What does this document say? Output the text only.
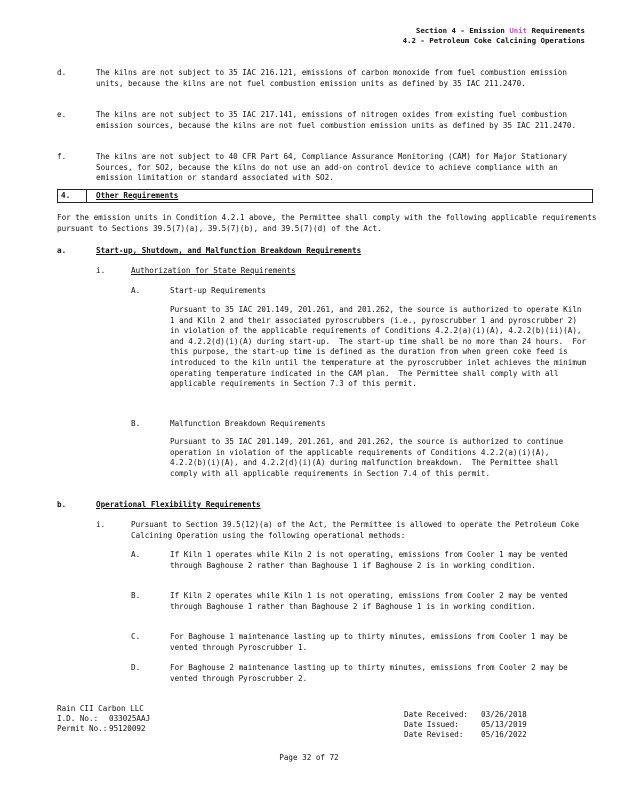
Section 4 - Emission Unit Requirements
4.2 - Petroleum Coke Calcining Operations
d.	The kilns are not subject to 35 IAC 216.121, emissions of carbon monoxide from fuel combustion emission units, because the kilns are not fuel combustion emission units as defined by 35 IAC 211.2470.
e.	The kilns are not subject to 35 IAC 217.141, emissions of nitrogen oxides from existing fuel combustion emission sources, because the kilns are not fuel combustion emission units as defined by 35 IAC 211.2470.
f.	The kilns are not subject to 40 CFR Part 64, Compliance Assurance Monitoring (CAM) for Major Stationary Sources, for SO2, because the kilns do not use an add-on control device to achieve compliance with an emission limitation or standard associated with SO2.
4.	Other Requirements
For the emission units in Condition 4.2.1 above, the Permittee shall comply with the following applicable requirements pursuant to Sections 39.5(7)(a), 39.5(7)(b), and 39.5(7)(d) of the Act.
a.	Start-up, Shutdown, and Malfunction Breakdown Requirements
i.	Authorization for State Requirements
A.	Start-up Requirements
Pursuant to 35 IAC 201.149, 201.261, and 201.262, the source is authorized to operate Kiln 1 and Kiln 2 and their associated pyroscrubbers (i.e., pyroscrubber 1 and pyroscrubber 2) in violation of the applicable requirements of Conditions 4.2.2(a)(i)(A), 4.2.2(b)(ii)(A), and 4.2.2(d)(i)(A) during start-up.  The start-up time shall be no more than 24 hours.  For this purpose, the start-up time is defined as the duration from when green coke feed is introduced to the kiln until the temperature at the pyroscrubber inlet achieves the minimum operating temperature indicated in the CAM plan.  The Permittee shall comply with all applicable requirements in Section 7.3 of this permit.
B.	Malfunction Breakdown Requirements
Pursuant to 35 IAC 201.149, 201.261, and 201.262, the source is authorized to continue operation in violation of the applicable requirements of Conditions 4.2.2(a)(i)(A), 4.2.2(b)(i)(A), and 4.2.2(d)(i)(A) during malfunction breakdown.  The Permittee shall comply with all applicable requirements in Section 7.4 of this permit.
b.	Operational Flexibility Requirements
i.	Pursuant to Section 39.5(12)(a) of the Act, the Permittee is allowed to operate the Petroleum Coke Calcining Operation using the following operational methods:
A.	If Kiln 1 operates while Kiln 2 is not operating, emissions from Cooler 1 may be vented through Baghouse 2 rather than Baghouse 1 if Baghouse 2 is in working condition.
B.	If Kiln 2 operates while Kiln 1 is not operating, emissions from Cooler 2 may be vented through Baghouse 1 rather than Baghouse 2 if Baghouse 1 is in working condition.
C.	For Baghouse 1 maintenance lasting up to thirty minutes, emissions from Cooler 1 may be vented through Pyroscrubber 1.
D.	For Baghouse 2 maintenance lasting up to thirty minutes, emissions from Cooler 2 may be vented through Pyroscrubber 2.
Rain CII Carbon LLC
I.D. No.: 033025AAJ
Permit No.: 95120092
Date Received: 03/26/2018
Date Issued:	05/13/2019
Date Revised: 05/16/2022
Page 32 of 72
